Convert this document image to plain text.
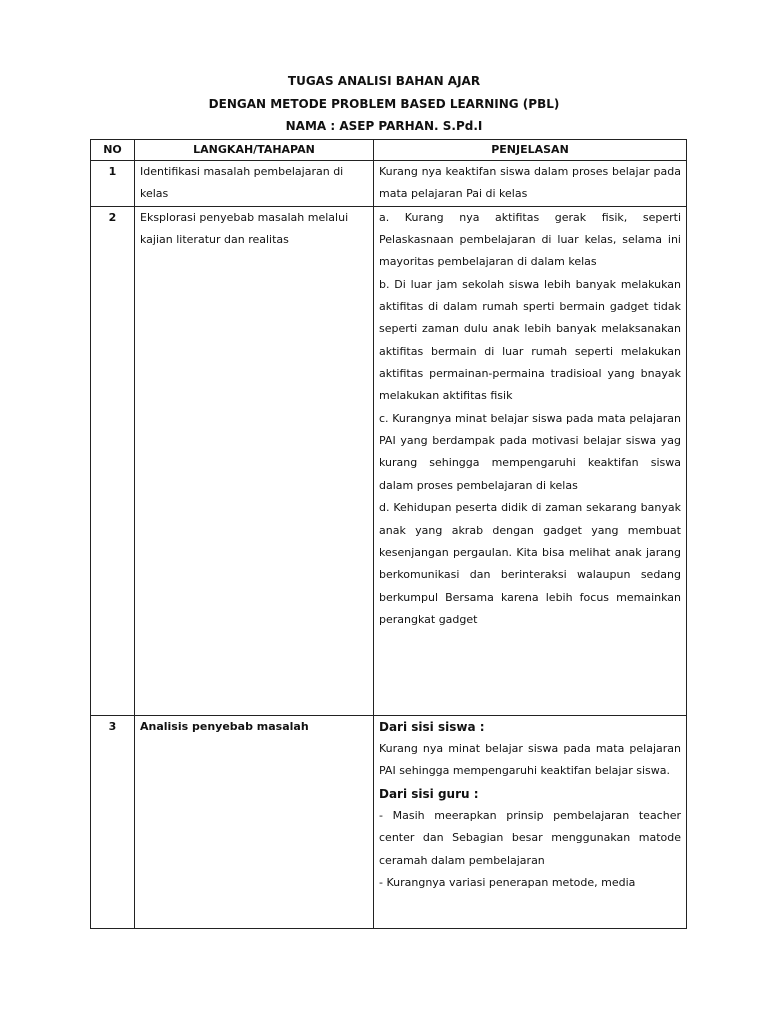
TUGAS ANALISI BAHAN AJAR
DENGAN METODE PROBLEM BASED LEARNING (PBL)
NAMA : ASEP PARHAN. S.Pd.I
NO	LANGKAH/TAHAPAN	PENJELASAN
1	Identifikasi masalah pembelajaran di kelas	Kurang nya keaktifan siswa dalam proses belajar pada mata pelajaran Pai di kelas

2	Eksplorasi penyebab masalah melalui kajian literatur dan realitas	a. Kurang nya aktifitas gerak fisik, seperti Pelaskasnaan pembelajaran di luar kelas, selama ini mayoritas pembelajaran di dalam kelas

b. Di luar jam sekolah siswa lebih banyak melakukan aktifitas di dalam rumah sperti bermain gadget tidak seperti zaman dulu anak lebih banyak melaksanakan aktifitas bermain di luar rumah seperti melakukan aktifitas permainan-permaina tradisioal yang bnayak melakukan aktifitas fisik

c. Kurangnya minat belajar siswa pada mata pelajaran PAI yang berdampak pada motivasi belajar siswa yag kurang sehingga mempengaruhi keaktifan siswa dalam proses pembelajaran di kelas

d. Kehidupan peserta didik di zaman sekarang banyak anak yang akrab dengan gadget yang membuat kesenjangan pergaulan. Kita bisa melihat anak jarang berkomunikasi dan berinteraksi walaupun sedang berkumpul Bersama karena lebih focus memainkan perangkat gadget

3	Analisis penyebab masalah	Dari sisi siswa :

Kurang nya minat belajar siswa pada mata pelajaran PAI sehingga mempengaruhi keaktifan belajar siswa.

Dari sisi guru :

- Masih meerapkan prinsip pembelajaran teacher center dan Sebagian besar menggunakan matode ceramah dalam pembelajaran

- Kurangnya variasi penerapan metode, media
